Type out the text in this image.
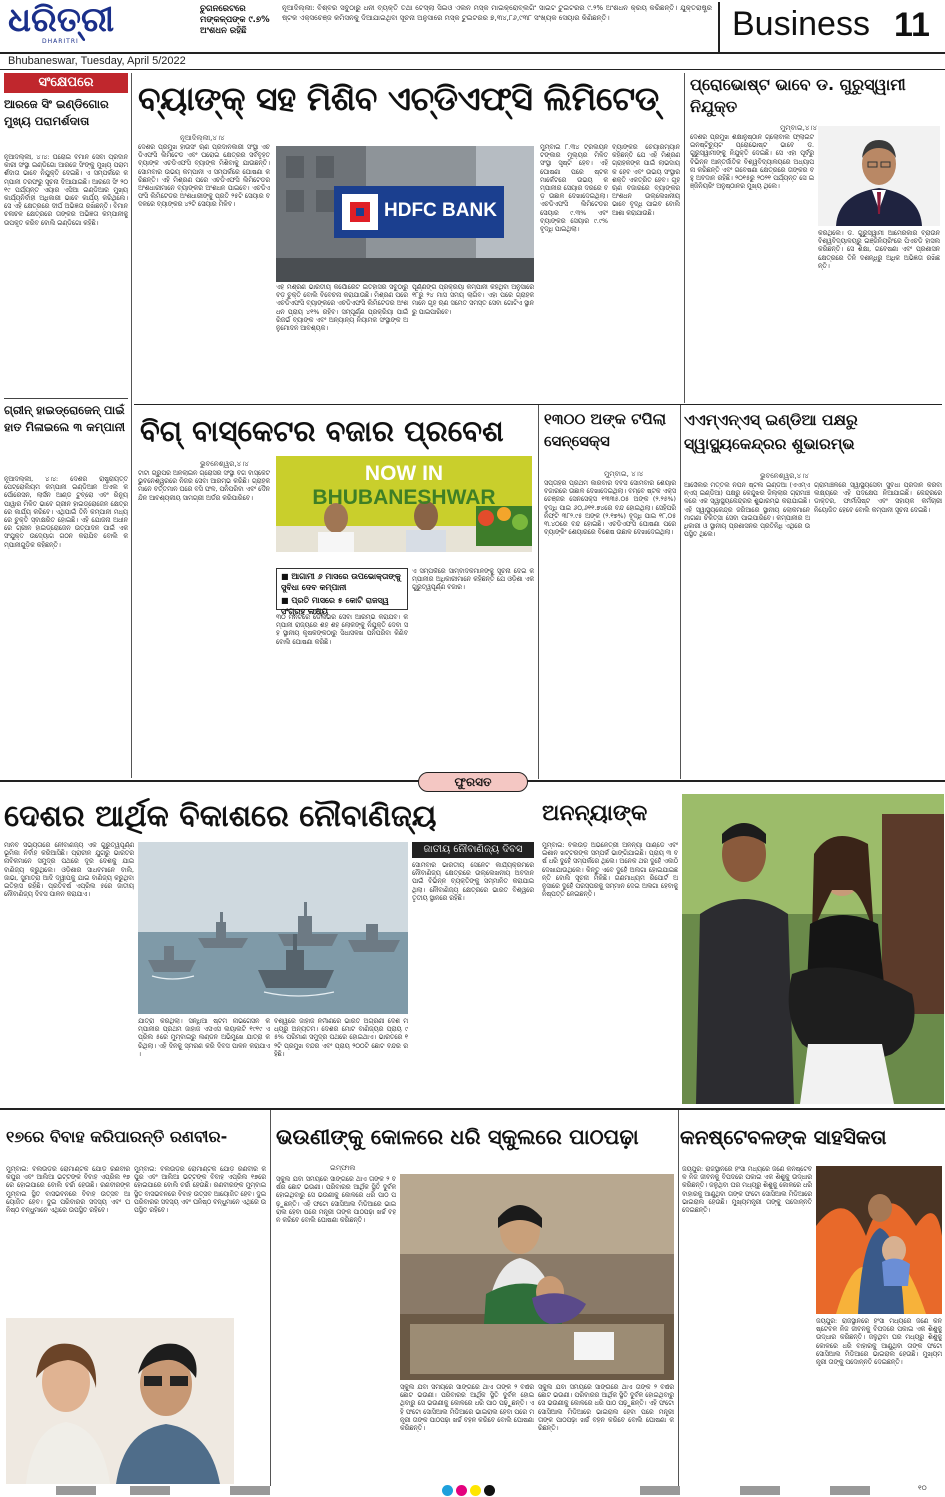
ଧରିତ୍ରୀ
DHARITRI
ଚୁଗନରେଟରେ ମଙ୍କଳ୍ପଙ୍କ ୯.୭% ଅଂଶଧନ ରହିଛି
ନୂଆଦିଲ୍ଲୀ: ବିଶ୍ବର ସବୁଠାରୁ ଧନୀ ବ୍ୟକ୍ତି ତଥା ଟେସ୍ଲା ସିଇଓ ଏଲନ ମସ୍କ ମାଇକ୍ରୋବ୍ଲଗିଂ ସାଇଟ ଟୁଇଟରର ୯.୨% ଅଂଶଧନ କ୍ରୟ କରିଛନ୍ତି। ଯୁକ୍ତରାଷ୍ଟ୍ର ଷ୍ଟକ ଏକ୍ସଚେଞ୍ଜ କମିସନକୁ ଦିଆଯାଇଥିବା ସୂଚନା ଅନୁସାରେ ମସ୍କ ଟୁଇଟରର ୭,୩୪,୮୬,୯୩୮ ସଂଖ୍ୟକ ସେୟାର କିଣିଛନ୍ତି।	Business 11
Bhubaneswar, Tuesday, April 5/2022
ସଂକ୍ଷେପରେ
ଆରଜେ ସିଂ ଇଣ୍ଡିଗୋର ମୁଖ୍ୟ ପରାମର୍ଶଦାତା
ନୂଆଦିଲ୍ଲୀ, ୪।୪: ଘରୋଇ ବିମାନ ସେବା ପ୍ରଦାନକାରୀ ସଂସ୍ଥା ଇଣ୍ଡିଗୋ ଆରଜେ ସିଂଙ୍କୁ ମୁଖ୍ୟ ପରାମର୍ଶଦାତା ଭାବେ ନିଯୁକ୍ତି ଦେଇଛି। ଏ ସମ୍ପର୍କରେ କମ୍ପାନୀ ତରଫରୁ ସୂଚନା ଦିଆଯାଇଛି। ଆରଜେ ସିଂ ୨୦୧୯ ପର୍ଯ୍ୟନ୍ତ ଏୟାର ଏସିଆ ଇଣ୍ଡିଆର ମୁଖ୍ୟ କାର୍ଯ୍ୟନିର୍ବାହୀ ଅଧିକାରୀ ଭାବେ କାର୍ଯ୍ୟ କରିଥିଲେ। ସେ ଏହି କ୍ଷେତ୍ରରେ ଦୀର୍ଘ ଅଭିଜ୍ଞତା ରଖିଛନ୍ତି। ବିମାନ ଚଳାଚଳ କ୍ଷେତ୍ରରେ ତାଙ୍କର ଅଭିଜ୍ଞତା କମ୍ପାନୀକୁ ଉପକୃତ କରିବ ବୋଲି ଇଣ୍ଡିଗୋ କହିଛି।
ଗ୍ରୀନ୍ ହାଇଡ୍ରୋଜେନ୍ ପାଇଁ ହାତ ମିଳାଇଲେ ୩ କମ୍ପାନୀ
ନୂଆଦିଲ୍ଲୀ, ୪।୪: ଦେଶର ରାଷ୍ଟ୍ରାୟତ୍ତ ପେଟ୍ରୋଲିୟମ କମ୍ପାନୀ ଇଣ୍ଡିଆନ ଅଏଲ କର୍ପୋରେସନ, ଲାର୍ସନ ଆଣ୍ଡ ଟୁବ୍ରୋ ଏବଂ ରିନ୍ୟୁ ପାୱାର ମିଳିତ ଭାବେ ଗ୍ରୀନ ହାଇଡ୍ରୋଜେନ କ୍ଷେତ୍ରରେ କାର୍ଯ୍ୟ କରିବେ। ଏଥିପାଇଁ ତିନି କମ୍ପାନୀ ମଧ୍ୟରେ ଚୁକ୍ତି ସ୍ବାକ୍ଷରିତ ହୋଇଛି। ଏହି ଯୋଜନା ଅଧୀନରେ ଗ୍ରୀନ ହାଇଡ୍ରୋଜେନ ଉତ୍ପାଦନ ପାଇଁ ଏକ ସଂଯୁକ୍ତ ଉଦ୍ୟୋଗ ଗଠନ କରାଯିବ ବୋଲି କମ୍ପାନୀଗୁଡ଼ିକ କହିଛନ୍ତି।
ବ୍ୟାଙ୍କ୍ ସହ ମିଶିବ ଏଚ୍‌ଡିଏଫ୍‌ସି ଲିମିଟେଡ୍
ନୂଆଦିଲ୍ଲୀ,୪।୪
ଦେଶର ପ୍ରମୁଖ ହାଉସିଂ ଋଣ ପ୍ରଦାନକାରୀ ସଂସ୍ଥା ଏଚଡିଏଫସି ଲିମିଟେଡ ଏବଂ ଘରୋଇ କ୍ଷେତ୍ରର ସର୍ବବୃହତ ବ୍ୟାଙ୍କ ଏଚଡିଏଫସି ବ୍ୟାଙ୍କ ମିଶିବାକୁ ଯାଉଛନ୍ତି। ସୋମବାର ଉଭୟ କମ୍ପାନୀ ଏ ସମ୍ପର୍କରେ ଘୋଷଣା କରିଛନ୍ତି। ଏହି ମିଶ୍ରଣ ପରେ ଏଚଡିଏଫସି ଲିମିଟେଡର ଅଂଶଧାରୀମାନେ ବ୍ୟାଙ୍କର ଅଂଶଧନ ପାଇବେ। ଏଚଡିଏଫସି ଲିମିଟେଡର ଅଂଶଧାରୀଙ୍କୁ ପ୍ରତି ୨୫ଟି ସେୟାର ବଦଳରେ ବ୍ୟାଙ୍କର ୪୨ଟି ସେୟାର ମିଳିବ।	HDFC BANK
ଏହି ମିଶ୍ରଣ ଭାରତୀୟ କର୍ପୋରେଟ ଇତିହାସର ସବୁଠାରୁ ବଡ଼ ଚୁକ୍ତି ବୋଲି ବିବେଚନା କରାଯାଉଛି। ମିଶ୍ରଣ ପରେ ଏଚଡିଏଫସି ବ୍ୟାଙ୍କରେ ଏଚଡିଏଫସି ଲିମିଟେଡର ଅଂଶଧନ ପ୍ରାୟ ୪୧% ରହିବ। ସମ୍ପୂର୍ଣ୍ଣ ପ୍ରକ୍ରିୟା ପାଇଁ ରିଜର୍ଭ ବ୍ୟାଙ୍କ ଏବଂ ଅନ୍ୟାନ୍ୟ ନିୟାମକ ସଂସ୍ଥାଙ୍କ ଅନୁମୋଦନ ଆବଶ୍ୟକ।
ପୂର୍ଣ୍ଣଙ୍ଗ ପ୍ରକ୍ରିୟା କମ୍ପାନୀ କହିଥିବା ଅନୁସାରେ ୧୮ରୁ ୨୪ ମାସ ସମୟ ଲାଗିବ। ଏହା ପରେ ଗ୍ରାହକମାନେ ଗୃହ ଋଣ ସମେତ ସମସ୍ତ ସେବା ଗୋଟିଏ ସ୍ଥାନରୁ ପାଇପାରିବେ।
ମୁମ୍ବାଇ ୮.୩୪ ଟ୍ରିଲିୟନ ଟଙ୍କାର ମୂଲ୍ୟର ମିଳିତ ସଂସ୍ଥା ସୃଷ୍ଟି ହେବ। ଏହି ଘୋଷଣା ପରେ ଷ୍ଟକ ମାର୍କେଟରେ ଉଭୟ କମ୍ପାନୀର ସେୟାର ଦରରେ ବଡ଼ ଉଛାଳ ଦେଖାଦେଇଥିଲା। ଏଚଡିଏଫସି ଲିମିଟେଡର ସେୟାର ୯.୩% ଏବଂ ବ୍ୟାଙ୍କର ସେୟାର ୯.୯% ବୃଦ୍ଧି ପାଇଥିଲା।
ବ୍ୟାଙ୍କର ଚେୟାରମ୍ୟାନ କହିଛନ୍ତି ଯେ ଏହି ମିଶ୍ରଣ ଗ୍ରାହକଙ୍କ ପାଇଁ ଲାଭଦାୟକ ହେବ ଏବଂ ଉଭୟ ସଂସ୍ଥାର ଶକ୍ତି ଏକତ୍ରିତ ହେବ। ଗୃହ ଋଣ ବଜାରରେ ବ୍ୟାଙ୍କର ଅଂଶଧନ ଉଲ୍ଲେଖନୀୟ ଭାବେ ବୃଦ୍ଧି ପାଇବ ବୋଲି ଆଶା କରାଯାଉଛି।
ପ୍ରୋଭୋଷ୍ଟ ଭାବେ ଡ. ଗୁରୁସ୍ୱାମୀ ନିଯୁକ୍ତ
ମୁମ୍ବାଇ,୪।୪
ଦେଶର ପ୍ରମୁଖ ଶିକ୍ଷାନୁଷ୍ଠାନ ଗ୍ଲୋବାଲ ଫ୍ଲାଇଟ ଇନଷ୍ଟିଚ୍ୟୁଟ ପ୍ରୋଭୋଷ୍ଟ ଭାବେ ଡ. ଗୁରୁସ୍ୱାମୀଙ୍କୁ ନିଯୁକ୍ତି ଦେଇଛି। ସେ ଏହା ପୂର୍ବରୁ ବିଭିନ୍ନ ଆନ୍ତର୍ଜାତିକ ବିଶ୍ୱବିଦ୍ୟାଳୟରେ ଅଧ୍ୟାପନା କରିଛନ୍ତି ଏବଂ ଗବେଷଣା କ୍ଷେତ୍ରରେ ତାଙ୍କର ବହୁ ଅବଦାନ ରହିଛି। ୨୦୧୫ରୁ ୨୦୨୧ ପର୍ଯ୍ୟନ୍ତ ସେ ଇଞ୍ଜିନିୟରିଂ ଅନୁଷ୍ଠାନର ମୁଖ୍ୟ ଥିଲେ।
କରିଥିଲେ। ଡ. ଗୁରୁସ୍ୱାମୀ ଆମେରିକାର ବ୍ରାଉନ ବିଶ୍ୱବିଦ୍ୟାଳୟରୁ ଇଞ୍ଜିନିୟରିଂରେ ପିଏଚଡି ହାସଲ କରିଛନ୍ତି। ସେ ଶିକ୍ଷା, ଗବେଷଣା ଏବଂ ପ୍ରଶାସନ କ୍ଷେତ୍ରରେ ତିନି ଦଶନ୍ଧିରୁ ଅଧିକ ଅଭିଜ୍ଞତା ରଖିଛନ୍ତି।
ବିଗ୍ ବାସ୍କେଟର ବଜାର ପ୍ରବେଶ
ଭୁବନେଶ୍ୱର,୪।୪
ଟାଟା ଗ୍ରୁପର ଅନଲାଇନ ଗ୍ରୋସରି ସଂସ୍ଥା ବିଗ ବାସ୍କେଟ ଭୁବନେଶ୍ୱରରେ ନିଜର ସେବା ଆରମ୍ଭ କରିଛି। ଗ୍ରାହକମାନେ ବର୍ତ୍ତମାନ ଘରେ ବସି ଫଳ, ପନିପରିବା ଏବଂ ଦୈନନ୍ଦିନ ଆବଶ୍ୟକୀୟ ସାମଗ୍ରୀ ଅର୍ଡର କରିପାରିବେ।
NOW IN
BHUBANESHWAR
■ ଆଗାମୀ ୬ ମାସରେ ଉପଭୋକ୍ତାଙ୍କୁ ସୁବିଧା ଦେବ କମ୍ପାନୀ
■ ପ୍ରତି ମାସରେ ୫ କୋଟି ରାଜସ୍ୱ ସଂଗ୍ରହ ଲକ୍ଷ୍ୟ
୩୦ ମିନିଟରେ ଡେଲିଭରି ସେବା ଆରମ୍ଭ କରାଯିବ। କମ୍ପାନୀ ରାଜ୍ୟରେ ଶହ ଶହ ଲୋକଙ୍କୁ ନିଯୁକ୍ତି ଦେବା ସହ ସ୍ଥାନୀୟ କୃଷକଙ୍କଠାରୁ ସିଧାସଳଖ ପନିପରିବା କିଣିବ ବୋଲି ଘୋଷଣା କରିଛି।
ଏ ସମ୍ପର୍କରେ ସାମ୍ବାଦିକମାନଙ୍କୁ ସୂଚନା ଦେଇ କମ୍ପାନୀର ଅଧିକାରୀମାନେ କହିଛନ୍ତି ଯେ ଓଡ଼ିଶା ଏକ ଗୁରୁତ୍ୱପୂର୍ଣ୍ଣ ବଜାର।
୧୩୦୦ ଅଙ୍କ ଟପିଲା ସେନ୍‌ସେକ୍ସ
ମୁମ୍ବାଇ, ୪।୪
ସପ୍ତାହର ପ୍ରଥମ କାରବାର ଦିବସ ସୋମବାର ଶେୟାର ବଜାରରେ ଉଛାଳ ଦେଖାଦେଇଥିଲା। ବମ୍ବେ ଷ୍ଟକ ଏକ୍ସଚେଞ୍ଜର ସେନସେକ୍ସ ୧୩୩୫.୦୫ ଅଙ୍କ (୨.୨୫%) ବୃଦ୍ଧି ପାଇ ୬୦,୬୧୧.୭୪ରେ ବନ୍ଦ ହୋଇଥିଲା। ସେହିପରି ନିଫ୍ଟି ୩୮୨.୯୫ ଅଙ୍କ (୨.୧୭%) ବୃଦ୍ଧି ପାଇ ୧୮,୦୫୩.୪୦ରେ ବନ୍ଦ ହୋଇଛି। ଏଚଡିଏଫସି ଘୋଷଣା ପରେ ବ୍ୟାଙ୍କିଂ ଶେୟାରରେ ବିଶେଷ ଉଛାଳ ଦେଖାଦେଇଥିଲା।
ଏଏମ୍‌ଏନ୍‌ଏସ୍ ଇଣ୍ଡିଆ ପକ୍ଷରୁ ସ୍ୱାସ୍ଥ୍ୟକେନ୍ଦ୍ରର ଶୁଭାରମ୍ଭ
ଭୁବନେଶ୍ୱର,୪।୪
ଆର୍ସେଲର ମିତ୍ତଲ ନିପନ ଷ୍ଟିଲ ଇଣ୍ଡିଆ (ଏଏମ୍‌ଏନ୍‌ଏସ୍ ଇଣ୍ଡିଆ) ପକ୍ଷରୁ କେନ୍ଦୁଝର ଜିଲ୍ଲାର ଗ୍ରାମାଞ୍ଚଳରେ ଏକ ସ୍ୱାସ୍ଥ୍ୟକେନ୍ଦ୍ରର ଶୁଭାରମ୍ଭ କରାଯାଇଛି। ଏହି ସ୍ୱାସ୍ଥ୍ୟକେନ୍ଦ୍ର ଜରିଆରେ ସ୍ଥାନୀୟ ଲୋକମାନେ ମାଗଣା ଚିକିତ୍ସା ସେବା ପାଇପାରିବେ। କମ୍ପାନୀର ଅଧିକାରୀ ଓ ସ୍ଥାନୀୟ ପ୍ରଶାସନର ପ୍ରତିନିଧି ଏଥିରେ ଉପସ୍ଥିତ ଥିଲେ।
ଗ୍ରାମାଞ୍ଚଳରେ ସ୍ୱାସ୍ଥ୍ୟସେବା ସୁବିଧା ପ୍ରଦାନ କରିବା ଲକ୍ଷ୍ୟରେ ଏହି ପଦକ୍ଷେପ ନିଆଯାଇଛି। କେନ୍ଦ୍ରରେ ଡାକ୍ତର, ଫାର୍ମାସିଷ୍ଟ ଏବଂ ସହାୟକ କର୍ମଚାରୀ ନିୟୋଜିତ ହେବେ ବୋଲି କମ୍ପାନୀ ସୂଚନା ଦେଇଛି।
ଫୁରସତ
ଦେଶର ଆର୍ଥିକ ବିକାଶରେ ନୌବାଣିଜ୍ୟ
ମାନବ ସଭ୍ୟତାରେ ନୌବାଣିଜ୍ୟ ଏକ ଗୁରୁତ୍ୱପୂର୍ଣ୍ଣ ଭୂମିକା ନିର୍ବାହ କରିଆସିଛି। ପ୍ରାଚୀନ ଯୁଗରୁ ଭାରତର ନାବିକମାନେ ସମୁଦ୍ର ପଥରେ ଦୂର ଦେଶକୁ ଯାଇ ବାଣିଜ୍ୟ କରୁଥିଲେ। ଓଡ଼ିଶାର ସାଧବମାନେ ବାଲି, ଜାଭା, ସୁମାତ୍ରା ଆଦି ଦ୍ୱୀପକୁ ଯାଇ ବାଣିଜ୍ୟ କରୁଥିବା ଇତିହାସ ରହିଛି। ପ୍ରତିବର୍ଷ ଏପ୍ରିଲ ୫ରେ ଜାତୀୟ ନୌବାଣିଜ୍ୟ ଦିବସ ପାଳନ କରାଯାଏ।
ଯାତ୍ରା କରିଥିଲା। ସିନ୍ଧିଆ ଷ୍ଟିମ ନାଭିଗେସନ କମ୍ପାନୀର ପ୍ରଥମ ଜାହାଜ ଏସଏସ ଲୟାଲଟି ୧୯୧୯ ଏପ୍ରିଲ ୫ରେ ମୁମ୍ବାଇରୁ ଲଣ୍ଡନ ଅଭିମୁଖେ ଯାତ୍ରା କରିଥିଲା। ଏହି ଦିନକୁ ସ୍ମରଣ କରି ଦିବସ ପାଳନ କରାଯାଏ।
ବିଶ୍ୱରେ ଜାହାଜ ନିର୍ମାଣରେ ଭାରତ ଅଗ୍ରଣୀ ଦେଶ ମଧ୍ୟରୁ ଅନ୍ୟତମ। ଦେଶର ମୋଟ ବାଣିଜ୍ୟର ପ୍ରାୟ ୯୫% ପରିମାଣ ସମୁଦ୍ର ପଥରେ ହୋଇଥାଏ। ଭାରତରେ ୧୨ଟି ପ୍ରମୁଖ ବନ୍ଦର ଏବଂ ପ୍ରାୟ ୨୦୦ଟି ଛୋଟ ବନ୍ଦର ରହିଛି।
ଜାତୀୟ ନୌବାଣିଜ୍ୟ ଦିବସ
ସୋମବାର ଭାରତୀୟ ସେନେଟ କାର୍ଯ୍ୟକ୍ରମରେ ନୌବାଣିଜ୍ୟ କ୍ଷେତ୍ରରେ ଉଲ୍ଲେଖନୀୟ ଅବଦାନ ପାଇଁ ବିଭିନ୍ନ ବ୍ୟକ୍ତିଙ୍କୁ ସମ୍ମାନିତ କରାଯାଇଥିଲା। ନୌବାଣିଜ୍ୟ କ୍ଷେତ୍ରରେ ଭାରତ ବିଶ୍ୱରେ ତୃତୀୟ ସ୍ଥାନରେ ରହିଛି।
ଅନନ୍ୟାଙ୍କ
ମୁମ୍ବାଇ: ବଲିଉଡ଼ ଅଭିନେତ୍ରୀ ଅନନ୍ୟା ପାଣ୍ଡେ ଏବଂ ଇଶାନ ଖଟ୍ଟରଙ୍କ ସମ୍ପର୍କ ଭାଙ୍ଗିଯାଇଛି। ପ୍ରାୟ ୩ ବର୍ଷ ଧରି ଦୁହେଁ ସମ୍ପର୍କରେ ଥିଲେ। ଅନେକ ଥର ଦୁହେଁ ଏକାଠି ଦେଖାଯାଉଥିଲେ। କିନ୍ତୁ ଏବେ ଦୁହେଁ ଅଲଗା ହୋଇଯାଇଛନ୍ତି ବୋଲି ସୂଚନା ମିଳିଛି। ଗଣମାଧ୍ୟମ ରିପୋର୍ଟ ଅନୁସାରେ ଦୁହେଁ ପରସ୍ପରକୁ ସମ୍ମାନ ଦେଇ ଅଲଗା ହେବାକୁ ନିଷ୍ପତ୍ତି ନେଇଛନ୍ତି।
୧୭ରେ ବିବାହ କରିପାରନ୍ତି ରଣବୀର-
ମୁମ୍ବାଇ: ବଲିଉଡ଼ର ରୋମାଣ୍ଟିକ ଯୋଡ଼ି ରଣବୀର କପୁର ଏବଂ ଆଲିଆ ଭଟ୍ଟଙ୍କ ବିବାହ ଏପ୍ରିଲ ୧୭ରେ ହୋଇପାରେ ବୋଲି ଚର୍ଚ୍ଚା ହେଉଛି। ରଣବୀରଙ୍କ ମୁମ୍ବାଇ ସ୍ଥିତ ବାସଭବନରେ ବିବାହ ଉତ୍ସବ ଆୟୋଜିତ ହେବ। ଦୁଇ ପରିବାରର ସଦସ୍ୟ ଏବଂ ଘନିଷ୍ଠ ବନ୍ଧୁମାନେ ଏଥିରେ ଉପସ୍ଥିତ ରହିବେ।
ମୁମ୍ବାଇ: ବଲିଉଡ଼ର ରୋମାଣ୍ଟିକ ଯୋଡ଼ି ରଣବୀର କପୁର ଏବଂ ଆଲିଆ ଭଟ୍ଟଙ୍କ ବିବାହ ଏପ୍ରିଲ ୧୭ରେ ହୋଇପାରେ ବୋଲି ଚର୍ଚ୍ଚା ହେଉଛି। ରଣବୀରଙ୍କ ମୁମ୍ବାଇ ସ୍ଥିତ ବାସଭବନରେ ବିବାହ ଉତ୍ସବ ଆୟୋଜିତ ହେବ। ଦୁଇ ପରିବାରର ସଦସ୍ୟ ଏବଂ ଘନିଷ୍ଠ ବନ୍ଧୁମାନେ ଏଥିରେ ଉପସ୍ଥିତ ରହିବେ।
ଭଉଣୀଙ୍କୁ କୋଳରେ ଧରି ସ୍କୁଲରେ ପାଠପଢ଼ା
ଇମ୍ଫାଲ
ସ୍କୁଲ ଯିବା ସମୟରେ ସାଙ୍ଗରେ ଥାଏ ତାଙ୍କ ୨ ବର୍ଷର ଛୋଟ ଭଉଣୀ। ପରିବାରର ଆର୍ଥିକ ସ୍ଥିତି ଦୁର୍ବଳ ହୋଇଥିବାରୁ ସେ ଭଉଣୀକୁ କୋଳରେ ଧରି ପାଠ ପଢ଼ୁଛନ୍ତି। ଏହି ଫଟୋ ସୋସିଆଲ ମିଡିଆରେ ଭାଇରାଲ ହେବା ପରେ ମନ୍ତ୍ରୀ ତାଙ୍କ ପାଠପଢ଼ା ଖର୍ଚ୍ଚ ବହନ କରିବେ ବୋଲି ଘୋଷଣା କରିଛନ୍ତି।
ସ୍କୁଲ ଯିବା ସମୟରେ ସାଙ୍ଗରେ ଥାଏ ତାଙ୍କ ୨ ବର୍ଷର ଛୋଟ ଭଉଣୀ। ପରିବାରର ଆର୍ଥିକ ସ୍ଥିତି ଦୁର୍ବଳ ହୋଇଥିବାରୁ ସେ ଭଉଣୀକୁ କୋଳରେ ଧରି ପାଠ ପଢ଼ୁଛନ୍ତି। ଏହି ଫଟୋ ସୋସିଆଲ ମିଡିଆରେ ଭାଇରାଲ ହେବା ପରେ ମନ୍ତ୍ରୀ ତାଙ୍କ ପାଠପଢ଼ା ଖର୍ଚ୍ଚ ବହନ କରିବେ ବୋଲି ଘୋଷଣା କରିଛନ୍ତି।
ସ୍କୁଲ ଯିବା ସମୟରେ ସାଙ୍ଗରେ ଥାଏ ତାଙ୍କ ୨ ବର୍ଷର ଛୋଟ ଭଉଣୀ। ପରିବାରର ଆର୍ଥିକ ସ୍ଥିତି ଦୁର୍ବଳ ହୋଇଥିବାରୁ ସେ ଭଉଣୀକୁ କୋଳରେ ଧରି ପାଠ ପଢ଼ୁଛନ୍ତି। ଏହି ଫଟୋ ସୋସିଆଲ ମିଡିଆରେ ଭାଇରାଲ ହେବା ପରେ ମନ୍ତ୍ରୀ ତାଙ୍କ ପାଠପଢ଼ା ଖର୍ଚ୍ଚ ବହନ କରିବେ ବୋଲି ଘୋଷଣା କରିଛନ୍ତି।
କନଷ୍ଟେବଳଙ୍କ ସାହସିକତା
ଜୟପୁର: ରାଜସ୍ଥାନରେ ହିଂସା ମଧ୍ୟରେ ଜଣେ କନଷ୍ଟେବଳ ନିଜ ଜୀବନକୁ ବିପଦରେ ପକାଇ ଏକ ଶିଶୁକୁ ଉଦ୍ଧାର କରିଛନ୍ତି। ଜଳୁଥିବା ଘର ମଧ୍ୟରୁ ଶିଶୁକୁ କୋଳରେ ଧରି ବାହାରକୁ ଆଣୁଥିବା ତାଙ୍କ ଫଟୋ ସୋସିଆଲ ମିଡିଆରେ ଭାଇରାଲ ହେଉଛି। ମୁଖ୍ୟମନ୍ତ୍ରୀ ତାଙ୍କୁ ପଦୋନ୍ନତି ଦେଇଛନ୍ତି।
ଜୟପୁର: ରାଜସ୍ଥାନରେ ହିଂସା ମଧ୍ୟରେ ଜଣେ କନଷ୍ଟେବଳ ନିଜ ଜୀବନକୁ ବିପଦରେ ପକାଇ ଏକ ଶିଶୁକୁ ଉଦ୍ଧାର କରିଛନ୍ତି। ଜଳୁଥିବା ଘର ମଧ୍ୟରୁ ଶିଶୁକୁ କୋଳରେ ଧରି ବାହାରକୁ ଆଣୁଥିବା ତାଙ୍କ ଫଟୋ ସୋସିଆଲ ମିଡିଆରେ ଭାଇରାଲ ହେଉଛି। ମୁଖ୍ୟମନ୍ତ୍ରୀ ତାଙ୍କୁ ପଦୋନ୍ନତି ଦେଇଛନ୍ତି।
୧୦
